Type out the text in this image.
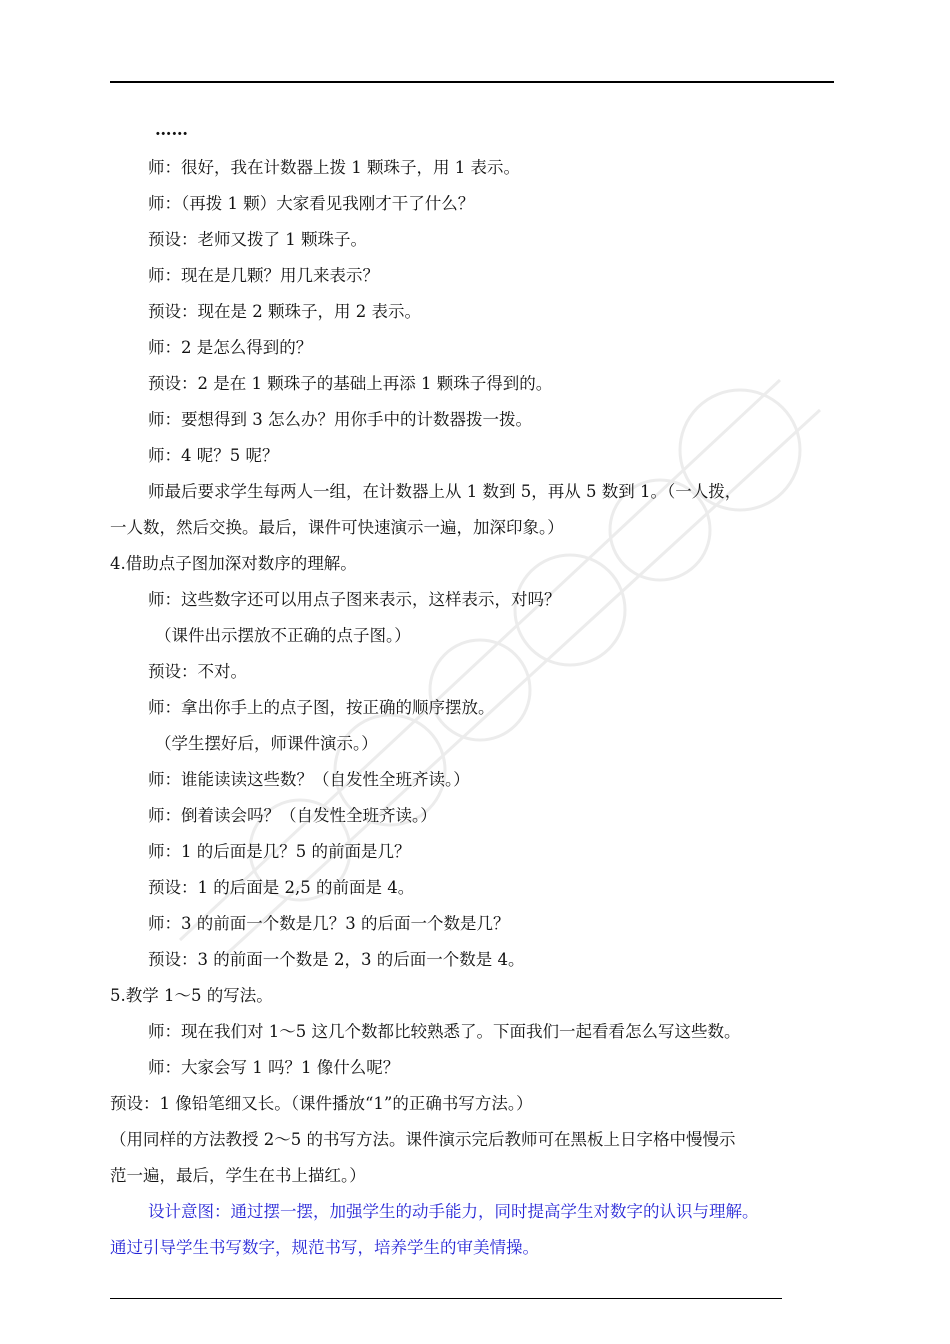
……
师：很好，我在计数器上拨 1 颗珠子，用 1 表示。
师：（再拨 1 颗）大家看见我刚才干了什么？
预设：老师又拨了 1 颗珠子。
师：现在是几颗？用几来表示？
预设：现在是 2 颗珠子，用 2 表示。
师：2 是怎么得到的？
预设：2 是在 1 颗珠子的基础上再添 1 颗珠子得到的。
师：要想得到 3 怎么办？用你手中的计数器拨一拨。
师：4 呢？5 呢？
师最后要求学生每两人一组，在计数器上从 1 数到 5，再从 5 数到 1。（一人拨，
一人数，然后交换。最后，课件可快速演示一遍，加深印象。）
4.借助点子图加深对数序的理解。
师：这些数字还可以用点子图来表示，这样表示，对吗？
（课件出示摆放不正确的点子图。）
预设：不对。
师：拿出你手上的点子图，按正确的顺序摆放。
（学生摆好后，师课件演示。）
师：谁能读读这些数？（自发性全班齐读。）
师：倒着读会吗？（自发性全班齐读。）
师：1 的后面是几？5 的前面是几？
预设：1 的后面是 2,5 的前面是 4。
师：3 的前面一个数是几？3 的后面一个数是几？
预设：3 的前面一个数是 2，3 的后面一个数是 4。
5.教学 1～5 的写法。
师：现在我们对 1～5 这几个数都比较熟悉了。下面我们一起看看怎么写这些数。
师：大家会写 1 吗？1 像什么呢？
预设：1 像铅笔细又长。（课件播放“1”的正确书写方法。）
（用同样的方法教授 2～5 的书写方法。课件演示完后教师可在黑板上日字格中慢慢示
范一遍，最后，学生在书上描红。）
设计意图：通过摆一摆，加强学生的动手能力，同时提高学生对数字的认识与理解。
通过引导学生书写数字，规范书写，培养学生的审美情操。
